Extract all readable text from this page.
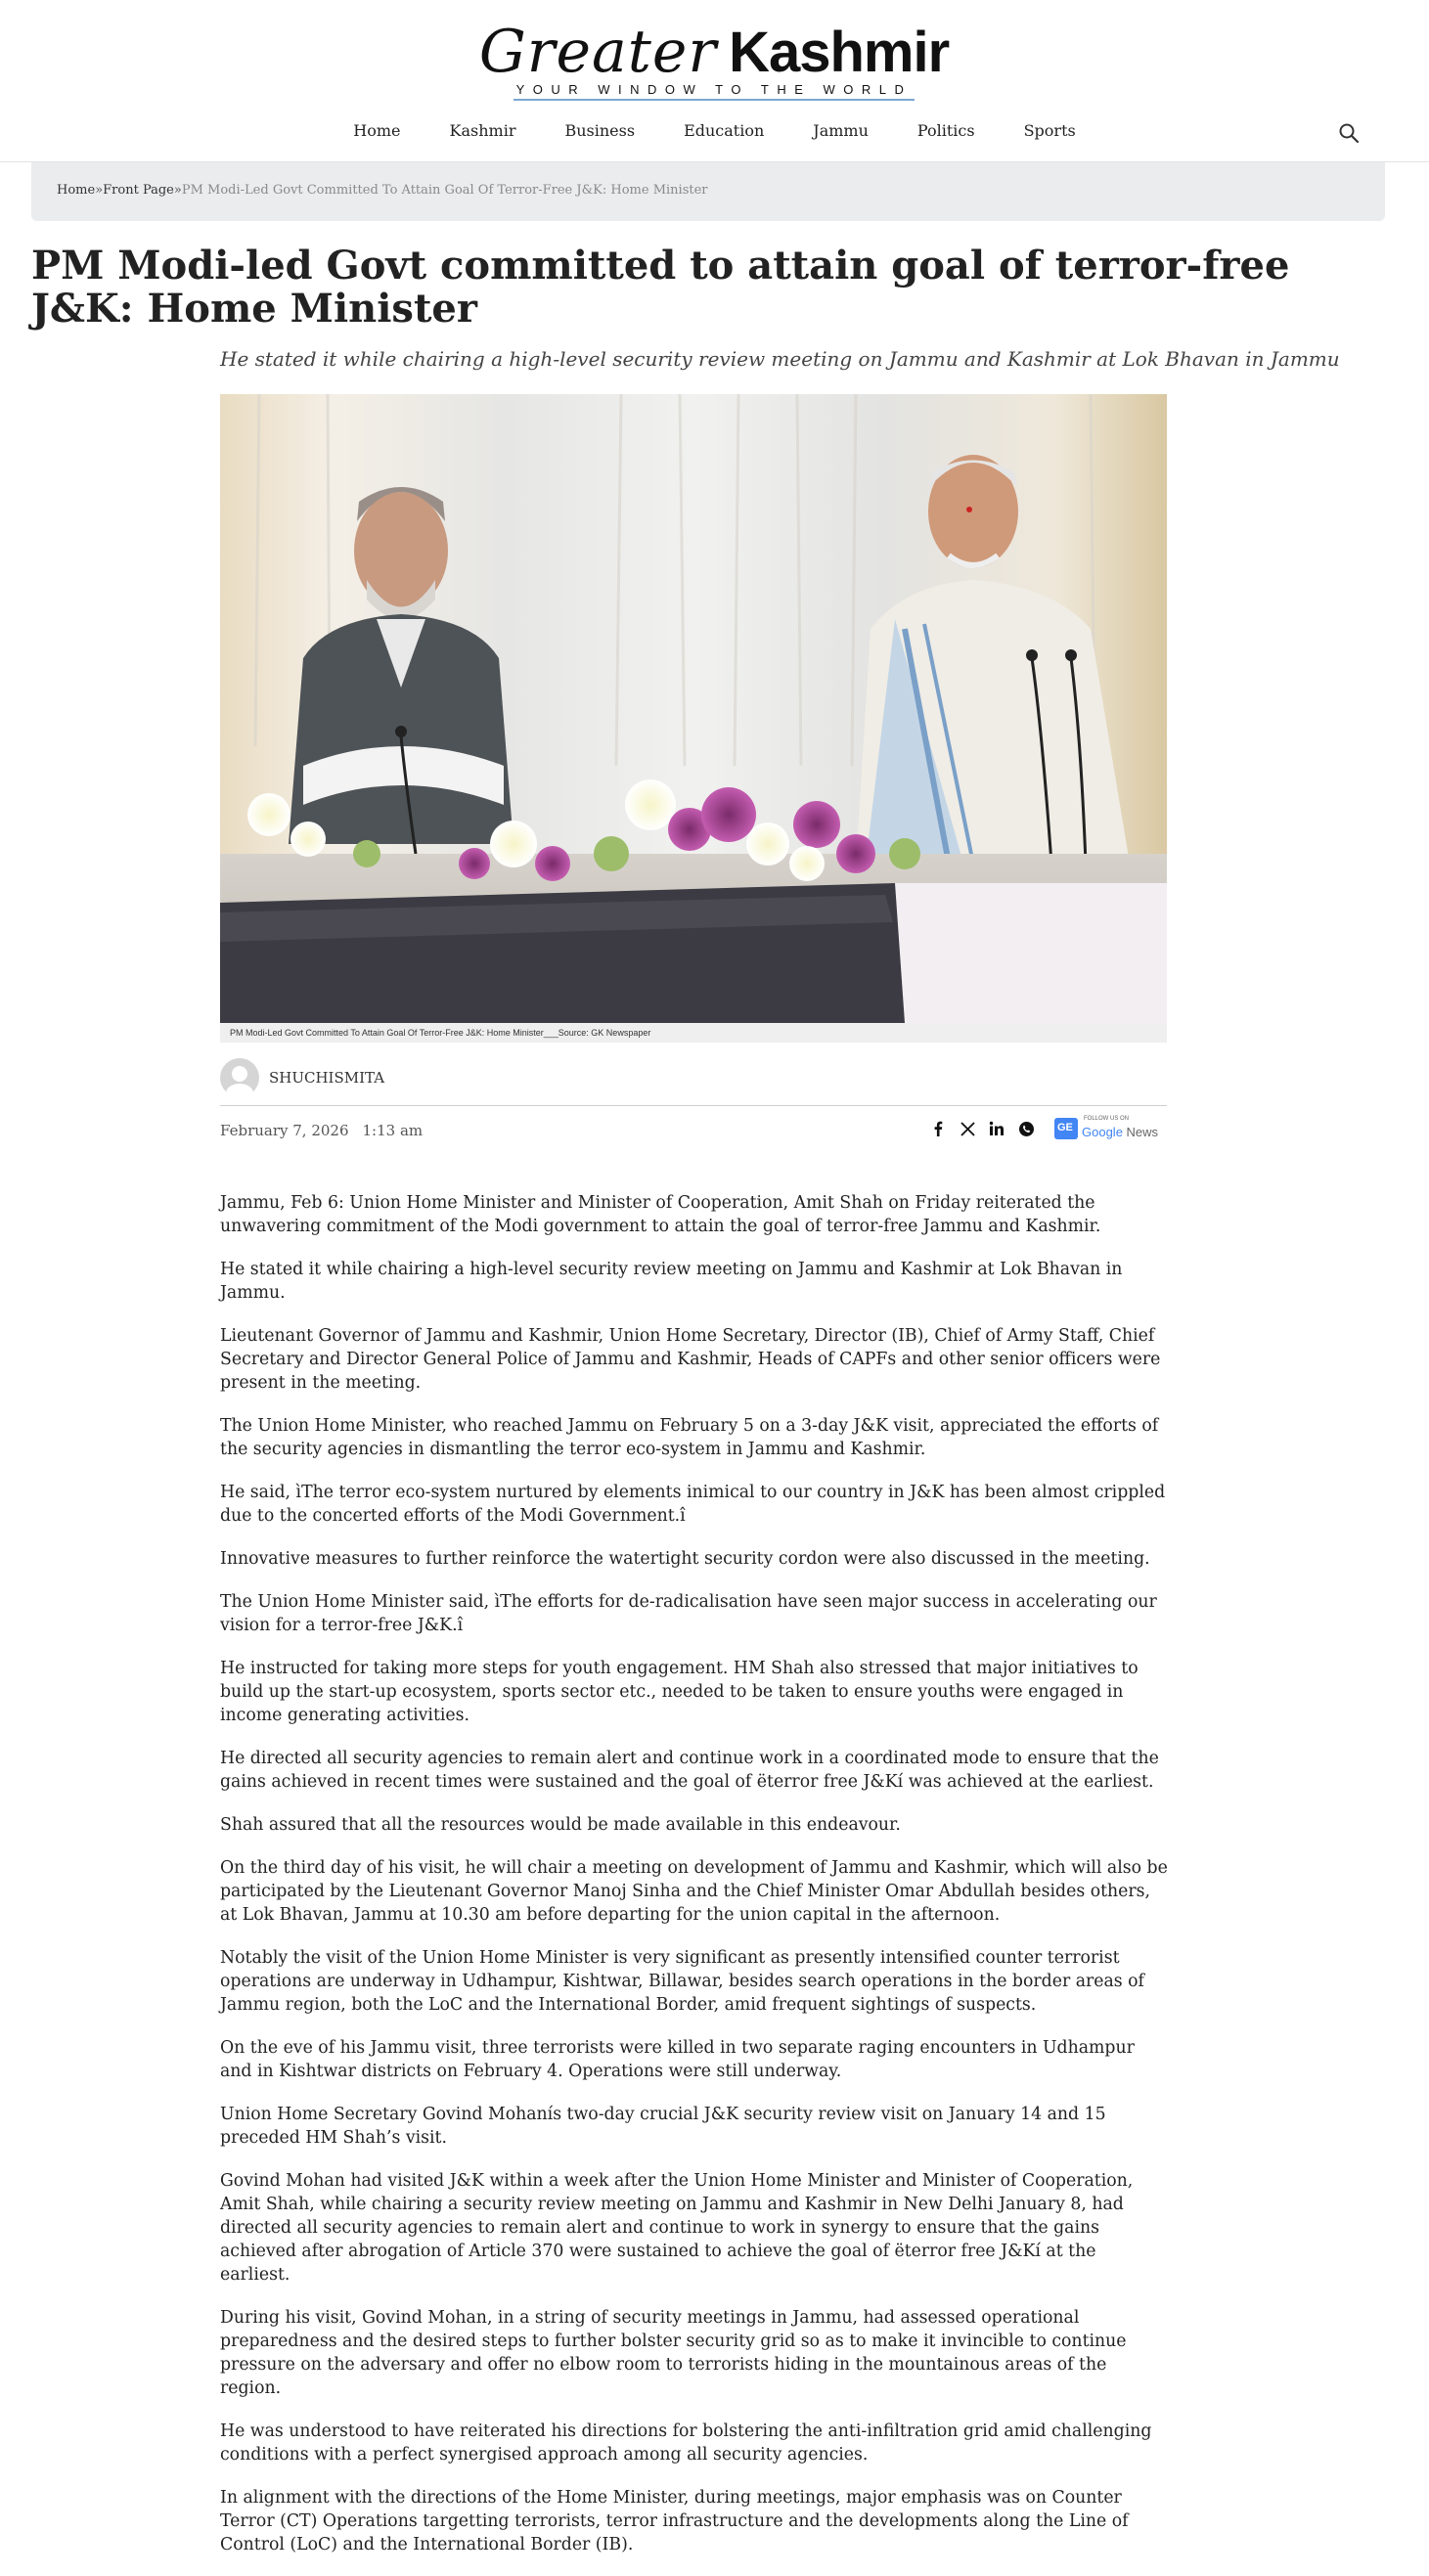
Greater Kashmir
YOUR WINDOW TO THE WORLD
Home	Kashmir	Business	Education	Jammu	Politics	Sports
Home»Front Page»PM Modi-Led Govt Committed To Attain Goal Of Terror-Free J&K: Home Minister
PM Modi-led Govt committed to attain goal of terror-free J&K: Home Minister

He stated it while chairing a high-level security review meeting on Jammu and Kashmir at Lok Bhavan in Jammu

PM Modi-Led Govt Committed To Attain Goal Of Terror-Free J&K: Home Minister___Source: GK Newspaper
SHUCHISMITA
February 7, 2026 1:13 am
GE
FOLLOW US ON
Google News

Jammu, Feb 6: Union Home Minister and Minister of Cooperation, Amit Shah on Friday reiterated the unwavering commitment of the Modi government to attain the goal of terror-free Jammu and Kashmir.

He stated it while chairing a high-level security review meeting on Jammu and Kashmir at Lok Bhavan in Jammu.

Lieutenant Governor of Jammu and Kashmir, Union Home Secretary, Director (IB), Chief of Army Staff, Chief Secretary and Director General Police of Jammu and Kashmir, Heads of CAPFs and other senior officers were present in the meeting.

The Union Home Minister, who reached Jammu on February 5 on a 3-day J&K visit, appreciated the efforts of the security agencies in dismantling the terror eco-system in Jammu and Kashmir.

He said, ìThe terror eco-system nurtured by elements inimical to our country in J&K has been almost crippled due to the concerted efforts of the Modi Government.î

Innovative measures to further reinforce the watertight security cordon were also discussed in the meeting.

The Union Home Minister said, ìThe efforts for de-radicalisation have seen major success in accelerating our vision for a terror-free J&K.î

He instructed for taking more steps for youth engagement. HM Shah also stressed that major initiatives to build up the start-up ecosystem, sports sector etc., needed to be taken to ensure youths were engaged in income generating activities.

He directed all security agencies to remain alert and continue work in a coordinated mode to ensure that the gains achieved in recent times were sustained and the goal of ëterror free J&Kí was achieved at the earliest.

Shah assured that all the resources would be made available in this endeavour.

On the third day of his visit, he will chair a meeting on development of Jammu and Kashmir, which will also be participated by the Lieutenant Governor Manoj Sinha and the Chief Minister Omar Abdullah besides others, at Lok Bhavan, Jammu at 10.30 am before departing for the union capital in the afternoon.

Notably the visit of the Union Home Minister is very significant as presently intensified counter terrorist operations are underway in Udhampur, Kishtwar, Billawar, besides search operations in the border areas of Jammu region, both the LoC and the International Border, amid frequent sightings of suspects.

On the eve of his Jammu visit, three terrorists were killed in two separate raging encounters in Udhampur and in Kishtwar districts on February 4. Operations were still underway.

Union Home Secretary Govind Mohanís two-day crucial J&K security review visit on January 14 and 15 preceded HM Shah’s visit.

Govind Mohan had visited J&K within a week after the Union Home Minister and Minister of Cooperation, Amit Shah, while chairing a security review meeting on Jammu and Kashmir in New Delhi January 8, had directed all security agencies to remain alert and continue to work in synergy to ensure that the gains achieved after abrogation of Article 370 were sustained to achieve the goal of ëterror free J&Kí at the earliest.

During his visit, Govind Mohan, in a string of security meetings in Jammu, had assessed operational preparedness and the desired steps to further bolster security grid so as to make it invincible to continue pressure on the adversary and offer no elbow room to terrorists hiding in the mountainous areas of the region.

He was understood to have reiterated his directions for bolstering the anti-infiltration grid amid challenging conditions with a perfect synergised approach among all security agencies.

In alignment with the directions of the Home Minister, during meetings, major emphasis was on Counter Terror (CT) Operations targetting terrorists, terror infrastructure and the developments along the Line of Control (LoC) and the International Border (IB).
